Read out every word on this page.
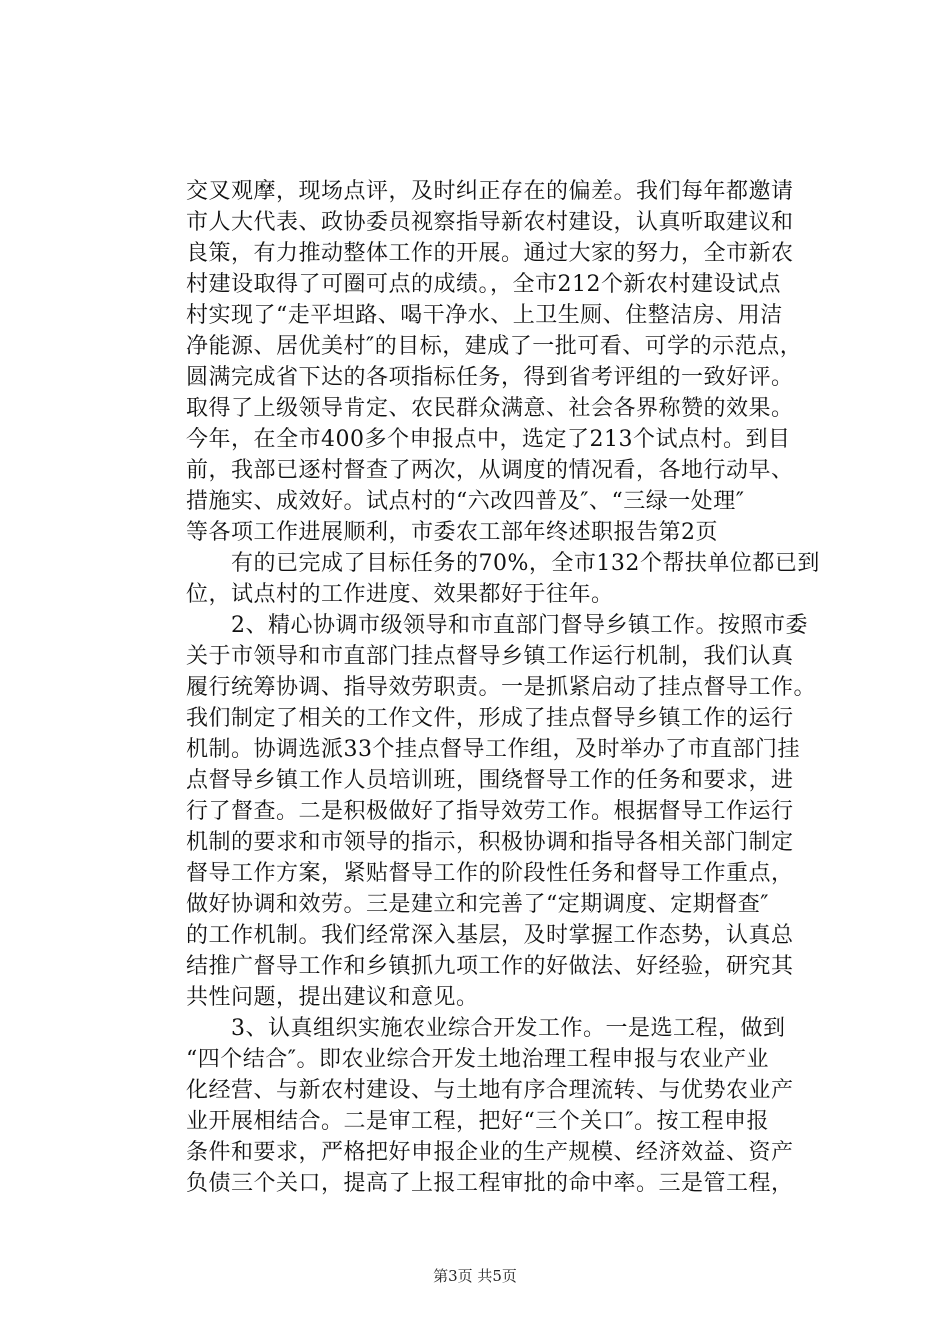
交叉观摩，现场点评，及时纠正存在的偏差。我们每年都邀请
市人大代表、政协委员视察指导新农村建设，认真听取建议和
良策，有力推动整体工作的开展。通过大家的努力，全市新农
村建设取得了可圈可点的成绩。，全市212个新农村建设试点
村实现了“走平坦路、喝干净水、上卫生厕、住整洁房、用洁
净能源、居优美村″的目标，建成了一批可看、可学的示范点，
圆满完成省下达的各项指标任务，得到省考评组的一致好评。
取得了上级领导肯定、农民群众满意、社会各界称赞的效果。
今年，在全市400多个申报点中，选定了213个试点村。到目
前，我部已逐村督查了两次，从调度的情况看，各地行动早、
措施实、成效好。试点村的“六改四普及″、“三绿一处理″
等各项工作进展顺利，市委农工部年终述职报告第2页
　　有的已完成了目标任务的70%，全市132个帮扶单位都已到
位，试点村的工作进度、效果都好于往年。
　　2、精心协调市级领导和市直部门督导乡镇工作。按照市委
关于市领导和市直部门挂点督导乡镇工作运行机制，我们认真
履行统筹协调、指导效劳职责。一是抓紧启动了挂点督导工作。
我们制定了相关的工作文件，形成了挂点督导乡镇工作的运行
机制。协调选派33个挂点督导工作组，及时举办了市直部门挂
点督导乡镇工作人员培训班，围绕督导工作的任务和要求，进
行了督查。二是积极做好了指导效劳工作。根据督导工作运行
机制的要求和市领导的指示，积极协调和指导各相关部门制定
督导工作方案，紧贴督导工作的阶段性任务和督导工作重点，
做好协调和效劳。三是建立和完善了“定期调度、定期督查″
的工作机制。我们经常深入基层，及时掌握工作态势，认真总
结推广督导工作和乡镇抓九项工作的好做法、好经验，研究其
共性问题，提出建议和意见。
　　3、认真组织实施农业综合开发工作。一是选工程，做到
“四个结合″。即农业综合开发土地治理工程申报与农业产业
化经营、与新农村建设、与土地有序合理流转、与优势农业产
业开展相结合。二是审工程，把好“三个关口″。按工程申报
条件和要求，严格把好申报企业的生产规模、经济效益、资产
负债三个关口，提高了上报工程审批的命中率。三是管工程，
第3页 共5页
